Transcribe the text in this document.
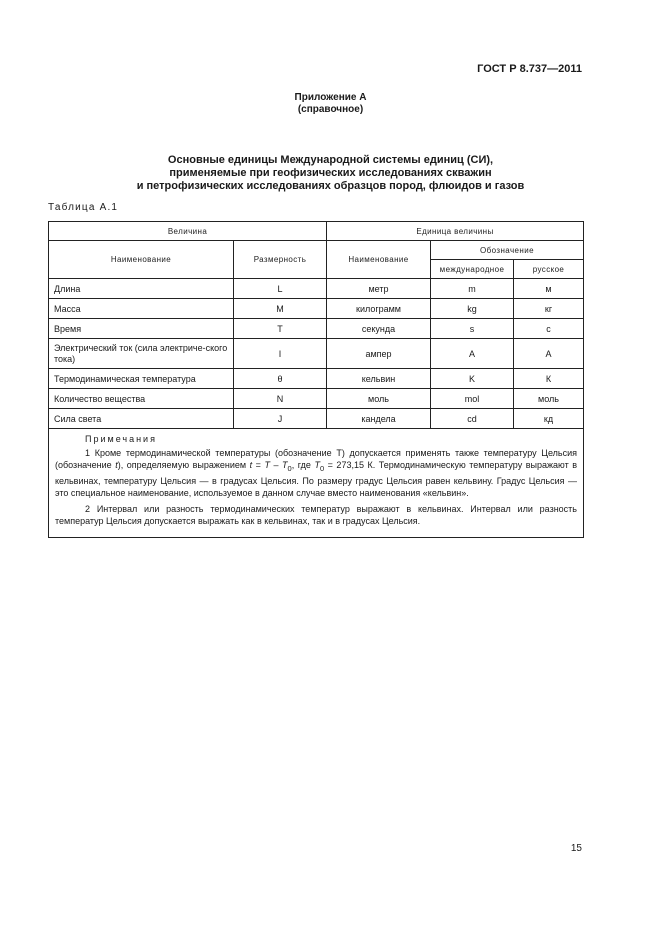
ГОСТ Р 8.737—2011
Приложение А
(справочное)
Основные единицы Международной системы единиц (СИ),
применяемые при геофизических исследованиях скважин
и петрофизических исследованиях образцов пород, флюидов и газов
Таблица А.1
Величина		Единица величины		
Наименование	Размерность	Наименование	Обозначение	
			международное	русское
Длина	L	метр	m	м
Масса	M	килограмм	kg	кг
Время	T	секунда	s	с
Электрический ток (сила электриче-ского тока)	I	ампер	A	А
Термодинамическая температура	θ	кельвин	K	К
Количество вещества	N	моль	mol	моль
Сила света	J	кандела	cd	кд

Примечания

1 Кроме термодинамической температуры (обозначение Т) допускается применять также температуру Цельсия (обозначение t), определяемую выражением $t = T - T_0$, где $T_0 = 273,15$ К. Термодинамическую температуру выражают в кельвинах, температуру Цельсия — в градусах Цельсия. По размеру градус Цельсия равен кельвину. Градус Цельсия — это специальное наименование, используемое в данном случае вместо наименования «кельвин».

2 Интервал или разность термодинамических температур выражают в кельвинах. Интервал или разность температур Цельсия допускается выражать как в кельвинах, так и в градусах Цельсия.				

15
